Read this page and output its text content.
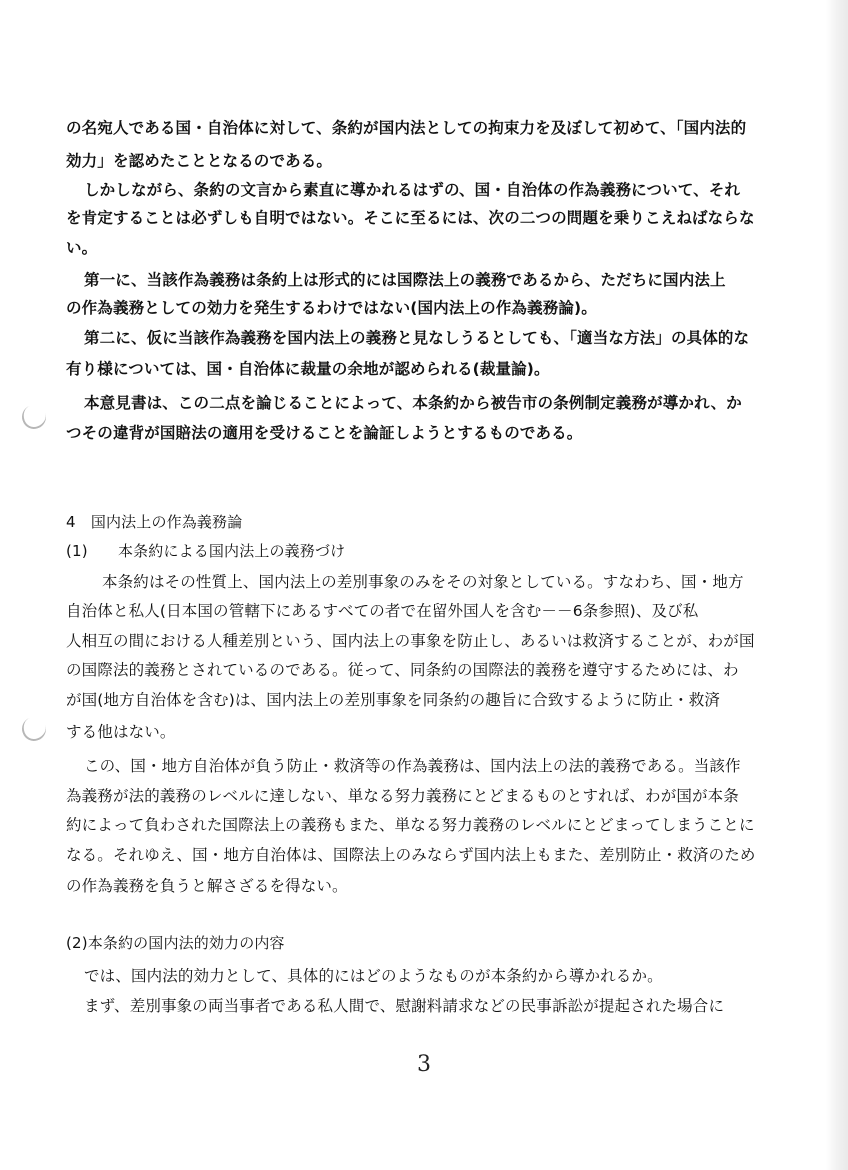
の名宛人である国・自治体に対して、条約が国内法としての拘束力を及ぼして初めて、「国内法的
効力」を認めたこととなるのである。
しかしながら、条約の文言から素直に導かれるはずの、国・自治体の作為義務について、それ
を肯定することは必ずしも自明ではない。そこに至るには、次の二つの問題を乗りこえねばならな
い。
第一に、当該作為義務は条約上は形式的には国際法上の義務であるから、ただちに国内法上
の作為義務としての効力を発生するわけではない(国内法上の作為義務論)。
第二に、仮に当該作為義務を国内法上の義務と見なしうるとしても、「適当な方法」の具体的な
有り様については、国・自治体に裁量の余地が認められる(裁量論)。
本意見書は、この二点を論じることによって、本条約から被告市の条例制定義務が導かれ、か
つその違背が国賠法の適用を受けることを論証しようとするものである。
4　国内法上の作為義務論
(1)　　本条約による国内法上の義務づけ
本条約はその性質上、国内法上の差別事象のみをその対象としている。すなわち、国・地方
自治体と私人(日本国の管轄下にあるすべての者で在留外国人を含む－－6条参照)、及び私
人相互の間における人種差別という、国内法上の事象を防止し、あるいは救済することが、わが国
の国際法的義務とされているのである。従って、同条約の国際法的義務を遵守するためには、わ
が国(地方自治体を含む)は、国内法上の差別事象を同条約の趣旨に合致するように防止・救済
する他はない。
この、国・地方自治体が負う防止・救済等の作為義務は、国内法上の法的義務である。当該作
為義務が法的義務のレベルに達しない、単なる努力義務にとどまるものとすれば、わが国が本条
約によって負わされた国際法上の義務もまた、単なる努力義務のレベルにとどまってしまうことに
なる。それゆえ、国・地方自治体は、国際法上のみならず国内法上もまた、差別防止・救済のため
の作為義務を負うと解さざるを得ない。
(2)本条約の国内法的効力の内容
では、国内法的効力として、具体的にはどのようなものが本条約から導かれるか。
まず、差別事象の両当事者である私人間で、慰謝料請求などの民事訴訟が提起された場合に
3
